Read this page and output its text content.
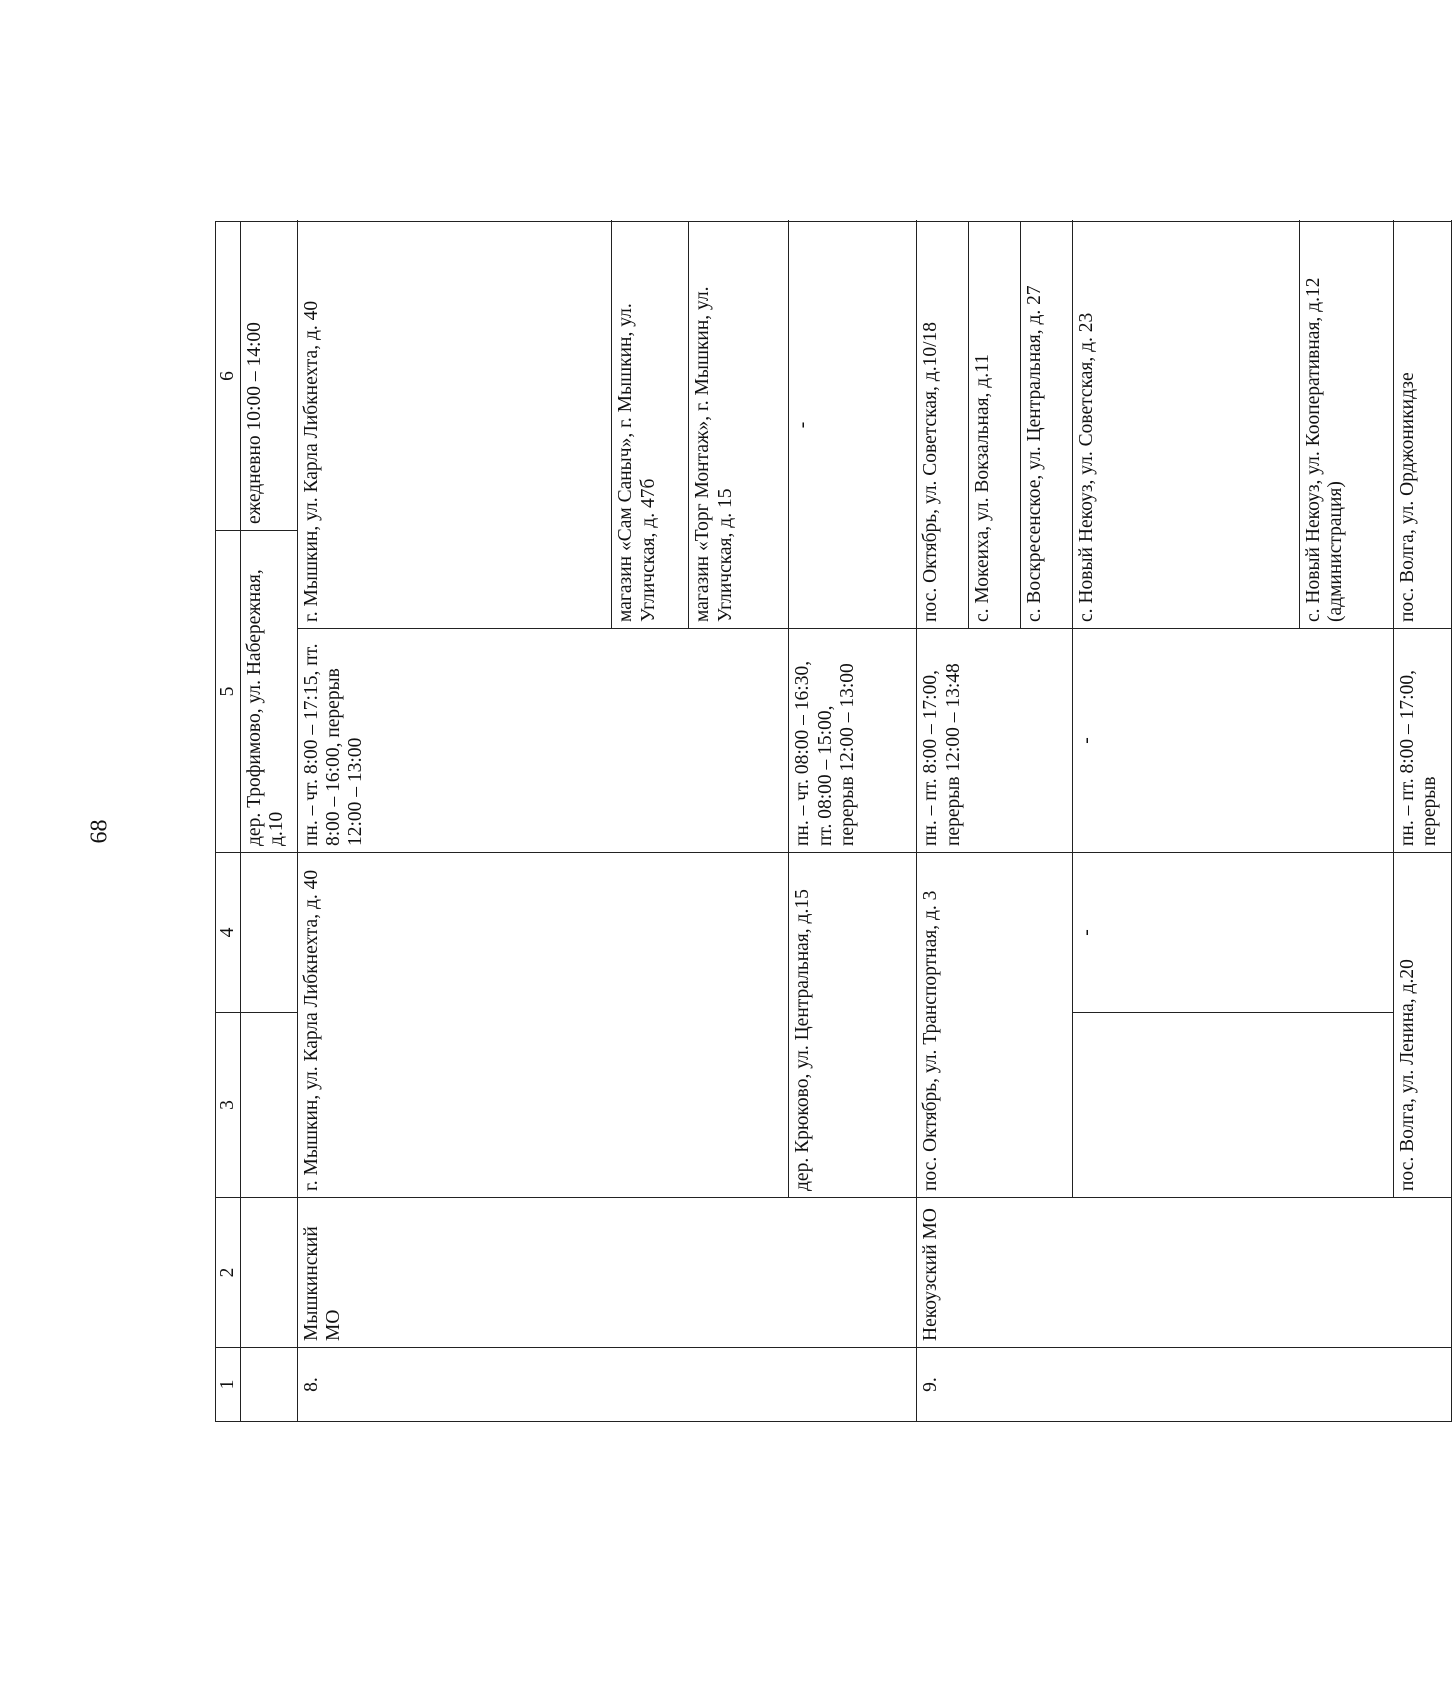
68
1	2	3	4	5		6	
				дер. Трофимово, ул. Набережная, д.10		ежедневно 10:00 – 14:00	
8.	Мышкинский МО	г. Мышкин, ул. Карла Либкнехта, д. 40		пн. – чт. 8:00 – 17:15, пт. 8:00 – 16:00, перерыв 12:00 – 13:00	г. Мышкин, ул. Карла Либкнехта, д. 40	
					магазин «Сам Саныч», г. Мышкин, ул. Угличская, д. 47б	
					магазин «Торг Монтаж», г. Мышкин, ул. Угличская, д. 15		
		дер. Крюково, ул. Центральная, д.15		пн. – чт. 08:00 – 16:30, пт. 08:00 – 15:00, перерыв 12:00 – 13:00	-	
9.	Некоузский МО	пос. Октябрь, ул. Транспортная, д. 3		пн. – пт. 8:00 – 17:00, перерыв 12:00 – 13:48	пос. Октябрь, ул. Советская, д.10/18	
					с. Мокеиха, ул. Вокзальная, д.11		
					с. Воскресенское, ул. Центральная, д. 27		
			-	-	с. Новый Некоуз, ул. Советская, д. 23	
					с. Новый Некоуз, ул. Кооперативная, д.12 (администрация)	
		пос. Волга, ул. Ленина, д.20		пн. – пт. 8:00 – 17:00, перерыв	пос. Волга, ул. Орджоникидзе	
